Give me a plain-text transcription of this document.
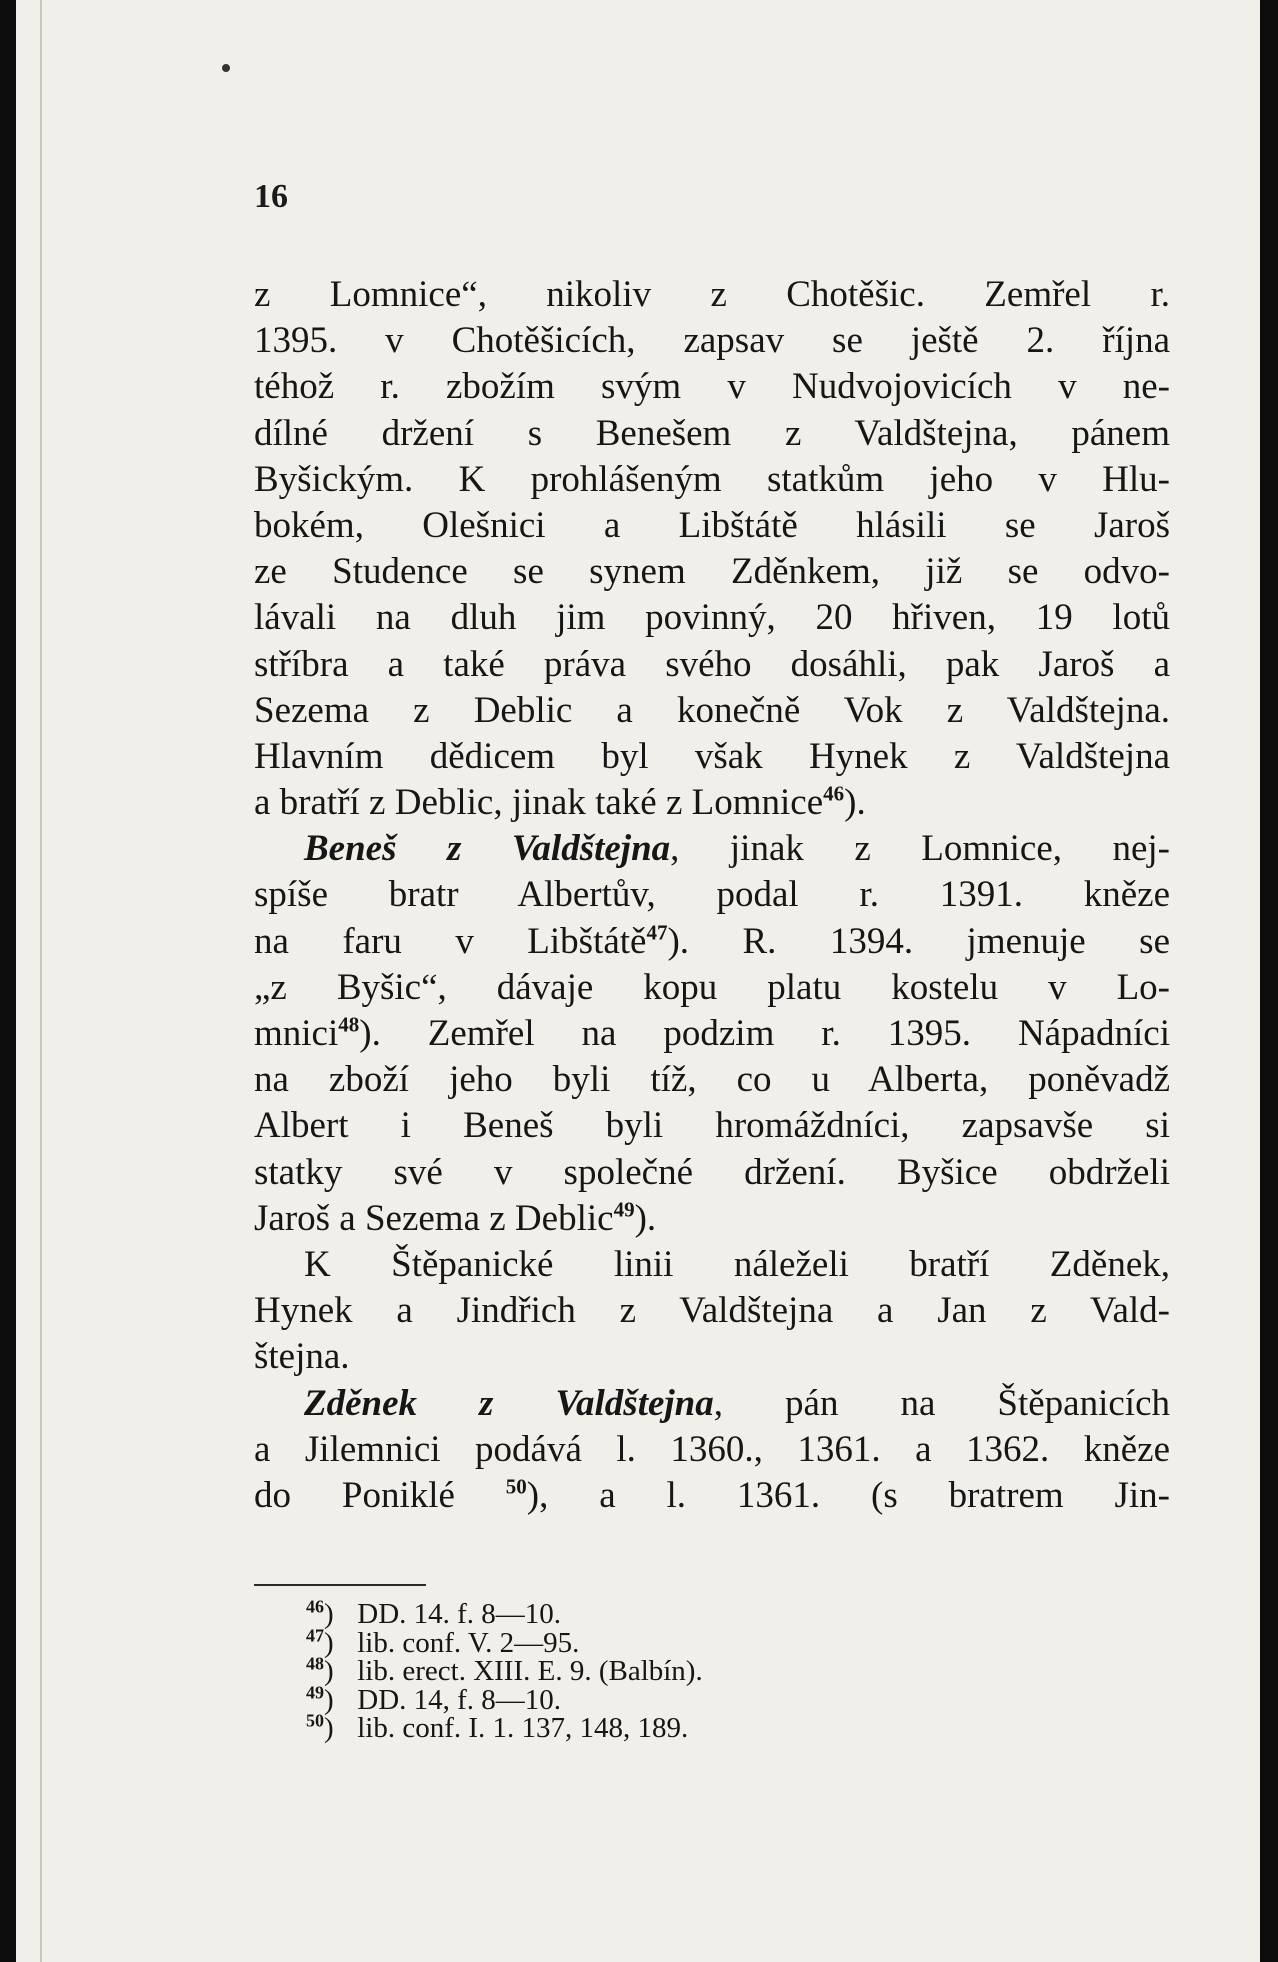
16
z Lomnice“, nikoliv z Chotěšic. Zemřel r.
1395. v Chotěšicích, zapsav se ještě 2. října
téhož r. zbožím svým v Nudvojovicích v ne-
dílné držení s Benešem z Valdštejna, pánem
Byšickým. K prohlášeným statkům jeho v Hlu-
bokém, Olešnici a Libštátě hlásili se Jaroš
ze Studence se synem Zděnkem, již se odvo-
lávali na dluh jim povinný, 20 hřiven, 19 lotů
stříbra a také práva svého dosáhli, pak Jaroš a
Sezema z Deblic a konečně Vok z Valdštejna.
Hlavním dědicem byl však Hynek z Valdštejna
a bratří z Deblic, jinak také z Lomnice$^{46}$).
Beneš z Valdštejna, jinak z Lomnice, nej-
spíše bratr Albertův, podal r. 1391. kněze
na faru v Libštátě$^{47}$). R. 1394. jmenuje se
„z Byšic“, dávaje kopu platu kostelu v Lo-
mnici$^{48}$). Zemřel na podzim r. 1395. Nápadníci
na zboží jeho byli tíž, co u Alberta, poněvadž
Albert i Beneš byli hromáždníci, zapsavše si
statky své v společné držení. Byšice obdrželi
Jaroš a Sezema z Deblic$^{49}$).
K Štěpanické linii náleželi bratří Zděnek,
Hynek a Jindřich z Valdštejna a Jan z Vald-
štejna.
Zděnek z Valdštejna, pán na Štěpanicích
a Jilemnici podává l. 1360., 1361. a 1362. kněze
do Poniklé $^{50}$), a l. 1361. (s bratrem Jin-
$^{46}$) DD. 14. f. 8—10.
$^{47}$) lib. conf. V. 2—95.
$^{48}$) lib. erect. XIII. E. 9. (Balbín).
$^{49}$) DD. 14, f. 8—10.
$^{50}$) lib. conf. I. 1. 137, 148, 189.
